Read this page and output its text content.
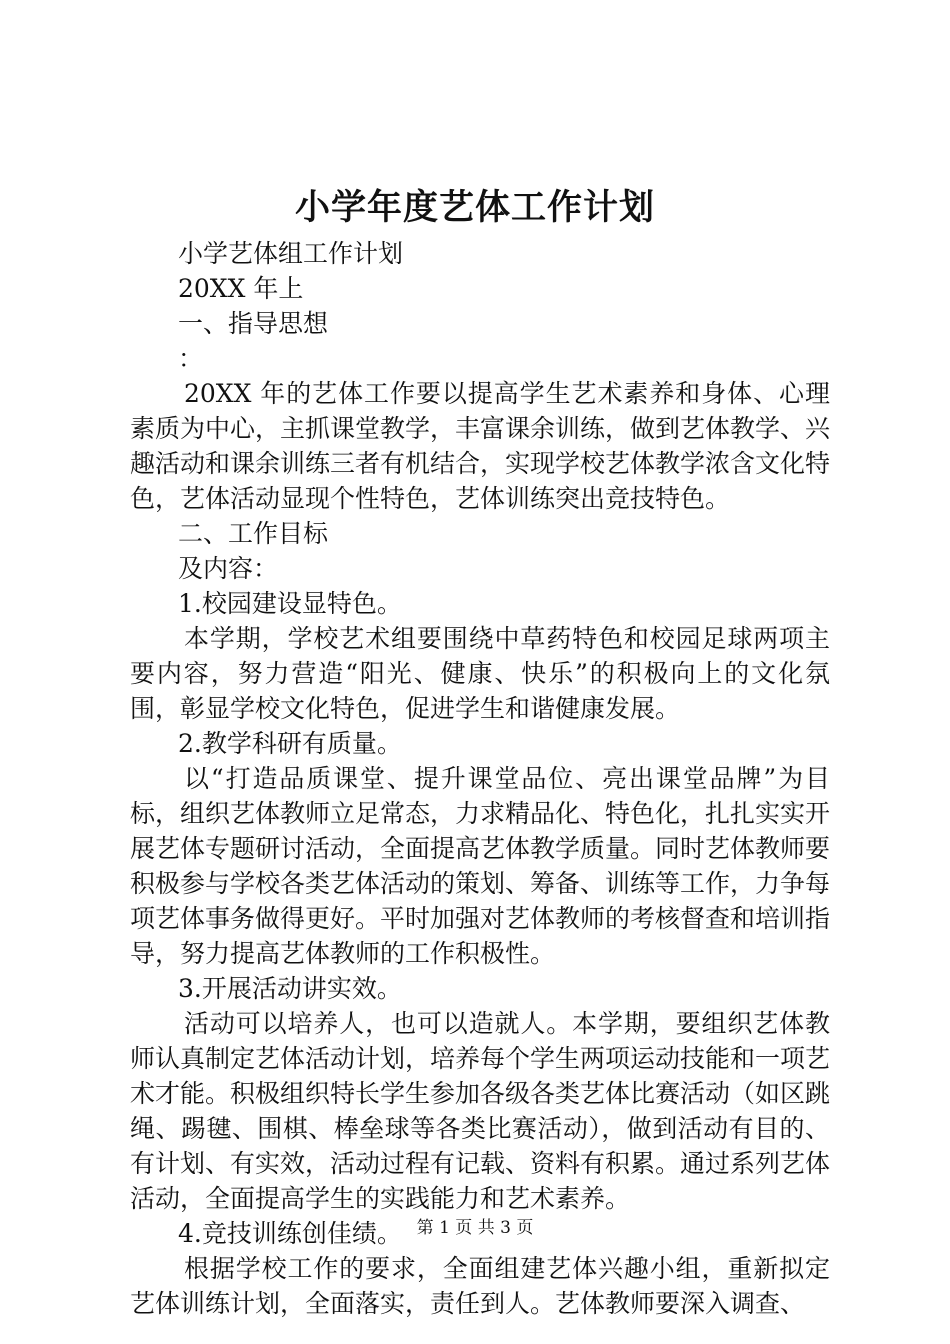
小学年度艺体工作计划
小学艺体组工作计划
20XX 年上
一、指导思想
：
20XX 年的艺体工作要以提高学生艺术素养和身体、心理素质为中心，主抓课堂教学，丰富课余训练，做到艺体教学、兴趣活动和课余训练三者有机结合，实现学校艺体教学浓含文化特色，艺体活动显现个性特色，艺体训练突出竞技特色。
二、工作目标
及内容：
1.校园建设显特色。
本学期，学校艺术组要围绕中草药特色和校园足球两项主要内容，努力营造“阳光、健康、快乐”的积极向上的文化氛围，彰显学校文化特色，促进学生和谐健康发展。
2.教学科研有质量。
以“打造品质课堂、提升课堂品位、亮出课堂品牌”为目标，组织艺体教师立足常态，力求精品化、特色化，扎扎实实开展艺体专题研讨活动，全面提高艺体教学质量。同时艺体教师要积极参与学校各类艺体活动的策划、筹备、训练等工作，力争每项艺体事务做得更好。平时加强对艺体教师的考核督查和培训指导，努力提高艺体教师的工作积极性。
3.开展活动讲实效。
活动可以培养人，也可以造就人。本学期，要组织艺体教师认真制定艺体活动计划，培养每个学生两项运动技能和一项艺术才能。积极组织特长学生参加各级各类艺体比赛活动（如区跳绳、踢毽、围棋、棒垒球等各类比赛活动），做到活动有目的、有计划、有实效，活动过程有记载、资料有积累。通过系列艺体活动，全面提高学生的实践能力和艺术素养。
4.竞技训练创佳绩。
根据学校工作的要求，全面组建艺体兴趣小组，重新拟定艺体训练计划，全面落实，责任到人。艺体教师要深入调查、
第 1 页 共 3 页
